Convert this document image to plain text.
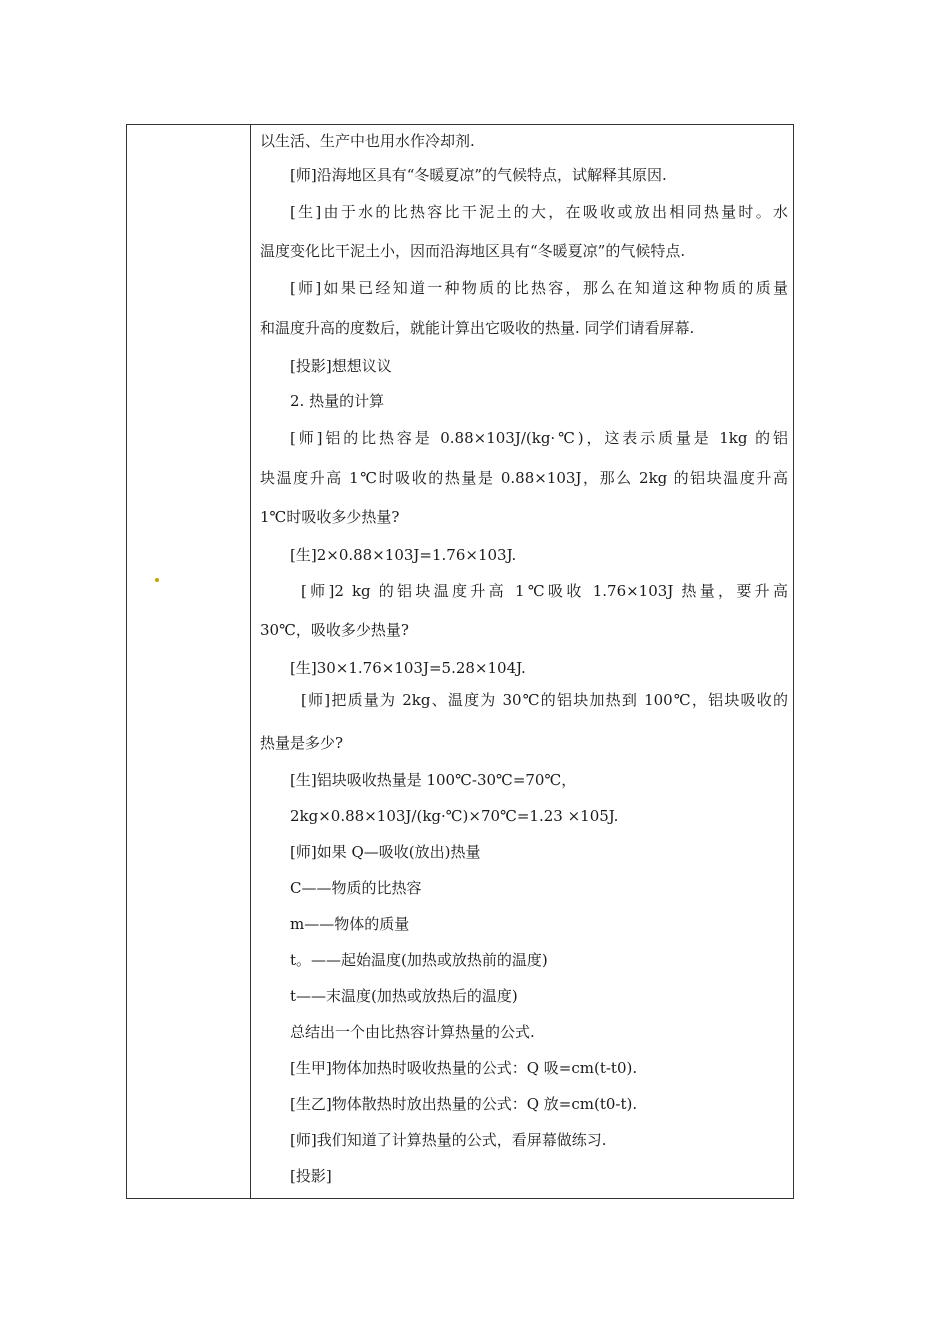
以生活、生产中也用水作冷却剂.
[师]沿海地区具有“冬暖夏凉”的气候特点，试解释其原因.
[生]由于水的比热容比干泥土的大，在吸收或放出相同热量时。水
温度变化比干泥土小，因而沿海地区具有“冬暖夏凉”的气候特点.
[师]如果已经知道一种物质的比热容，那么在知道这种物质的质量
和温度升高的度数后，就能计算出它吸收的热量. 同学们请看屏幕.
[投影]想想议议
2. 热量的计算
[师]铝的比热容是 0.88×103J/(kg·℃)，这表示质量是 1kg 的铝
块温度升高 1℃时吸收的热量是 0.88×103J，那么 2kg 的铝块温度升高
1℃时吸收多少热量?
[生]2×0.88×103J=1.76×103J.
[师]2 kg 的铝块温度升高 1℃吸收 1.76×103J 热量，要升高
30℃，吸收多少热量?
[生]30×1.76×103J=5.28×104J.
[师]把质量为 2kg、温度为 30℃的铝块加热到 100℃，铝块吸收的
热量是多少?
[生]铝块吸收热量是 100℃-30℃=70℃，
2kg×0.88×103J/(kg·℃)×70℃=1.23 ×105J.
[师]如果 Q—吸收(放出)热量
C——物质的比热容
m——物体的质量
t。——起始温度(加热或放热前的温度)
t——末温度(加热或放热后的温度)
总结出一个由比热容计算热量的公式.
[生甲]物体加热时吸收热量的公式：Q 吸=cm(t-t0).
[生乙]物体散热时放出热量的公式：Q 放=cm(t0-t).
[师]我们知道了计算热量的公式，看屏幕做练习.
[投影]
